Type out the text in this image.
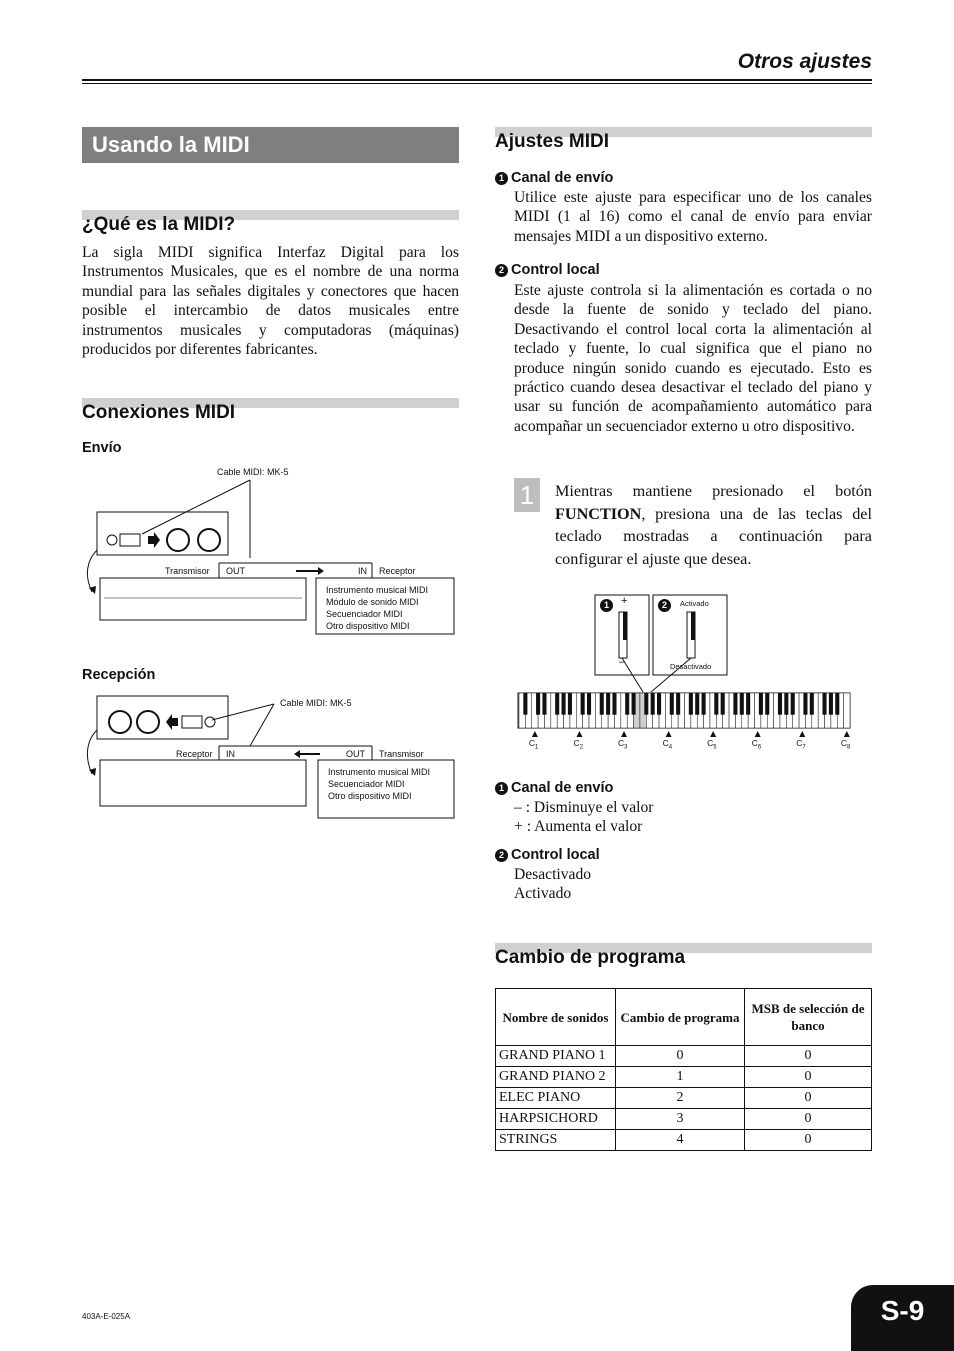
Otros ajustes
Usando la MIDI
¿Qué es la MIDI?
La sigla MIDI significa Interfaz Digital para los Instrumentos Musicales, que es el nombre de una norma mundial para las señales digitales y conectores que hacen posible el intercambio de datos musicales entre instrumentos musicales y computadoras (máquinas) producidos por diferentes fabricantes.
Conexiones MIDI
Envío
Cable MIDI: MK-5
Transmisor OUT	IN Receptor
Instrumento musical MIDI
Módulo de sonido MIDI
Secuenciador MIDI
Otro dispositivo MIDI
Recepción
Cable MIDI: MK-5
Receptor IN	OUT Transmisor
Instrumento musical MIDI
Secuenciador MIDI
Otro dispositivo MIDI
Ajustes MIDI
1 Canal de envío
Utilice este ajuste para especificar uno de los canales MIDI (1 al 16) como el canal de envío para enviar mensajes MIDI a un dispositivo externo.
2 Control local
Este ajuste controla si la alimentación es cortada o no desde la fuente de sonido y teclado del piano. Desactivando el control local corta la alimentación al teclado y fuente, lo cual significa que el piano no produce ningún sonido cuando es ejecutado. Esto es práctico cuando desea desactivar el teclado del piano y usar su función de acompañamiento automático para acompañar un secuenciador externo u otro dispositivo.
1	Mientras mantiene presionado el botón FUNCTION, presiona una de las teclas del teclado mostradas a continuación para configurar el ajuste que desea.
1	2
+
–
Activado
Desactivado
$C_1$	$C_2$	$C_3$	$C_4$	$C_5$	$C_6$	$C_7$	$C_8$
1 Canal de envío
– : Disminuye el valor
+ : Aumenta el valor
2 Control local
Desactivado
Activado
Cambio de programa
Nombre de sonidos	Cambio de programa	MSB de selección de banco
GRAND PIANO 1	0	0
GRAND PIANO 2	1	0
ELEC PIANO	2	0
HARPSICHORD	3	0
STRINGS	4	0
403A-E-025A	S-9
